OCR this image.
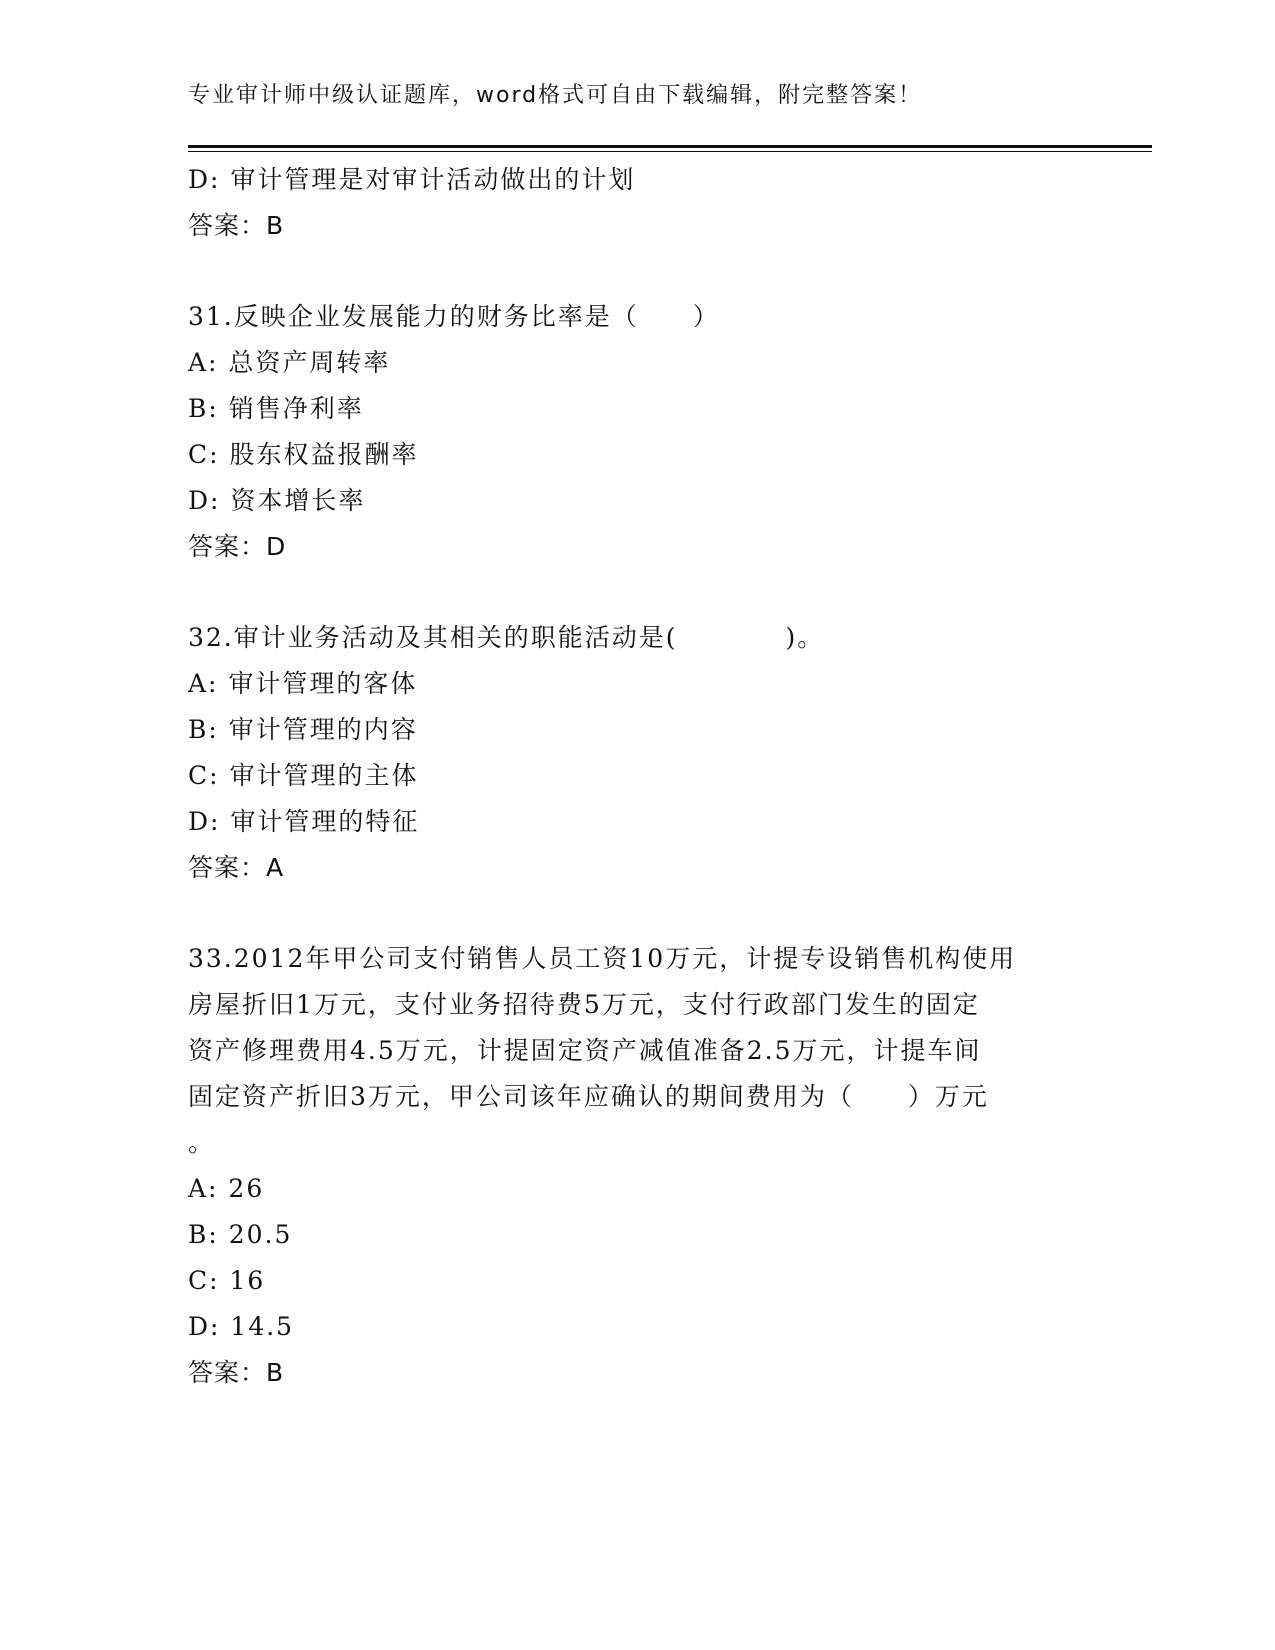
专业审计师中级认证题库，word格式可自由下载编辑，附完整答案！
D: 审计管理是对审计活动做出的计划
答案：B
31.反映企业发展能力的财务比率是（　　）
A: 总资产周转率
B: 销售净利率
C: 股东权益报酬率
D: 资本增长率
答案：D
32.审计业务活动及其相关的职能活动是(　　　　)。
A: 审计管理的客体
B: 审计管理的内容
C: 审计管理的主体
D: 审计管理的特征
答案：A
33.2012年甲公司支付销售人员工资10万元，计提专设销售机构使用
房屋折旧1万元，支付业务招待费5万元，支付行政部门发生的固定
资产修理费用4.5万元，计提固定资产减值准备2.5万元，计提车间
固定资产折旧3万元，甲公司该年应确认的期间费用为（　　）万元
。
A: 26
B: 20.5
C: 16
D: 14.5
答案：B
